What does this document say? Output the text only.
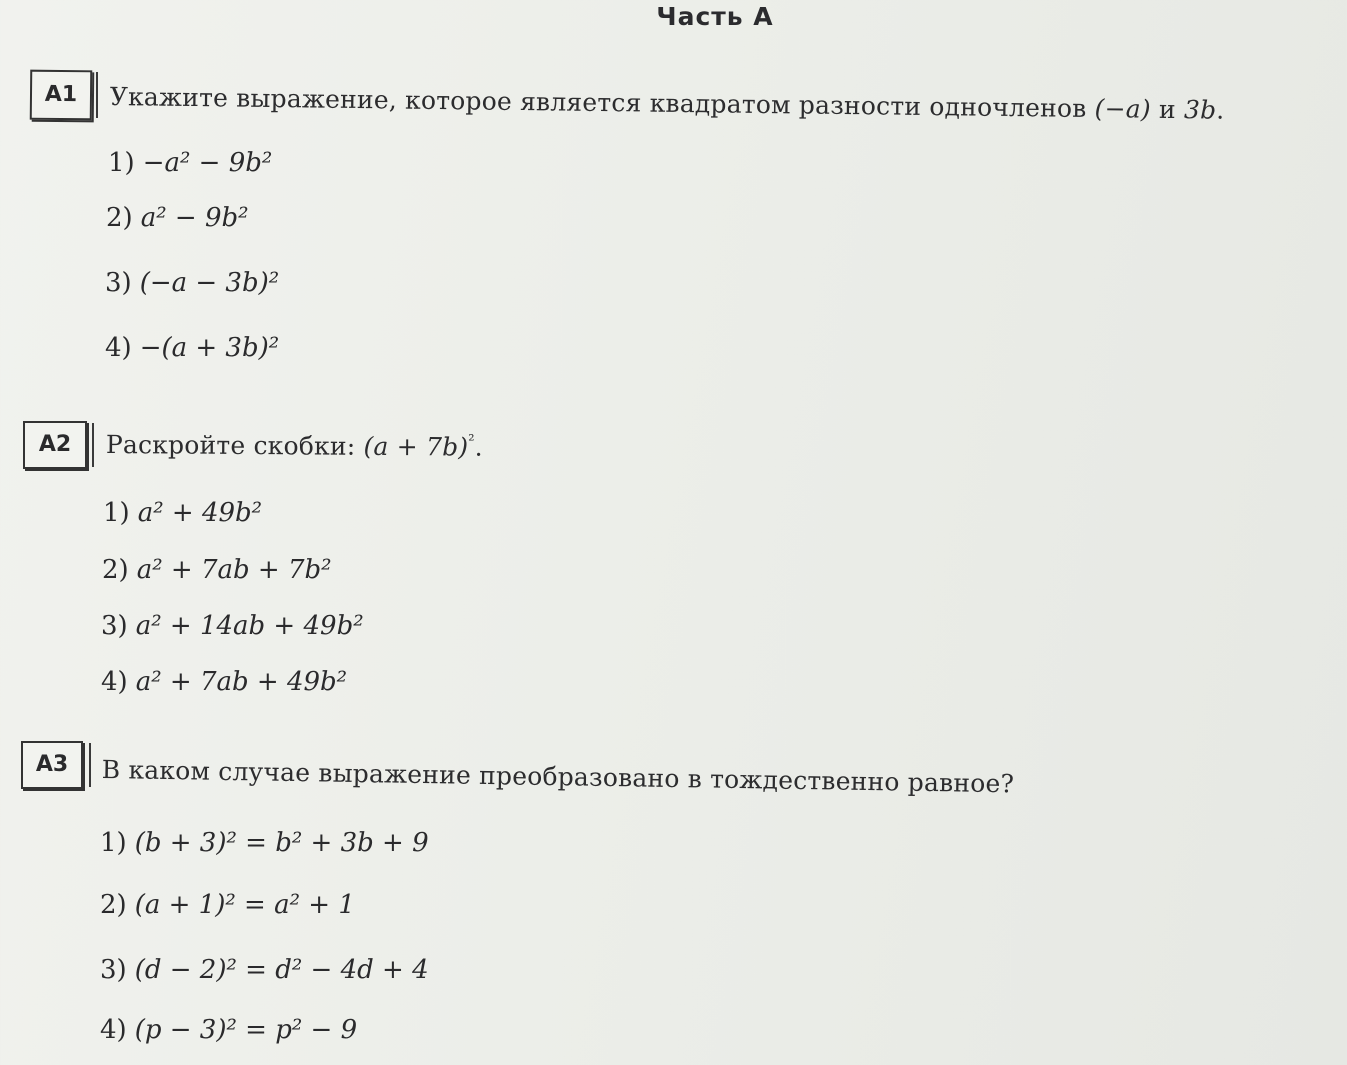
Часть А
А1	Укажите выражение, которое является квадратом разности одночленов (−a) и 3b.
1) −a² − 9b²
2) a² − 9b²
3) (−a − 3b)²
4) −(a + 3b)²
А2	Раскройте скобки: $(a + 7b)^{^2}$.
1) a² + 49b²
2) a² + 7ab + 7b²
3) a² + 14ab + 49b²
4) a² + 7ab + 49b²
А3	В каком случае выражение преобразовано в тождественно равное?
1) (b + 3)² = b² + 3b + 9
2) (a + 1)² = a² + 1
3) (d − 2)² = d² − 4d + 4
4) (p − 3)² = p² − 9
